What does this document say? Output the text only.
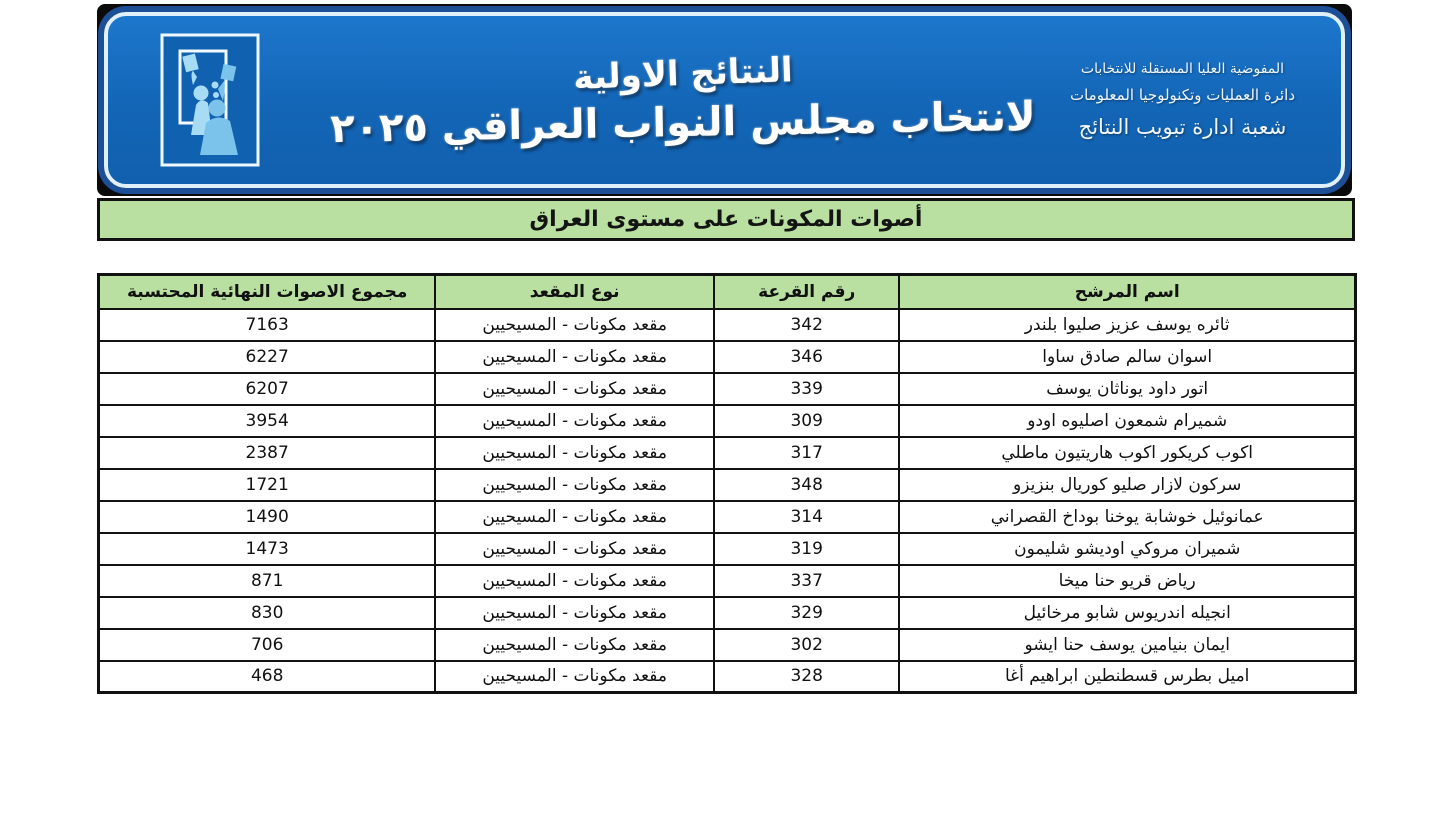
النتائج الاولية
لانتخاب مجلس النواب العراقي ٢٠٢٥
المفوضية العليا المستقلة للانتخابات
دائرة العمليات وتكنولوجيا المعلومات
شعبة ادارة تبويب النتائج
أصوات المكونات على مستوى العراق
اسم المرشح	رقم القرعة	نوع المقعد	مجموع الاصوات النهائية المحتسبة
ثائره يوسف عزيز صليوا بلندر	342	مقعد مكونات - المسيحيين	7163
اسوان سالم صادق ساوا	346	مقعد مكونات - المسيحيين	6227
اتور داود يوناثان يوسف	339	مقعد مكونات - المسيحيين	6207
شميرام شمعون اصليوه اودو	309	مقعد مكونات - المسيحيين	3954
اكوب كريكور اكوب هاريتيون ماطلي	317	مقعد مكونات - المسيحيين	2387
سركون لازار صليو كوريال بنزيزو	348	مقعد مكونات - المسيحيين	1721
عمانوئيل خوشابة يوخنا بوداخ القصراني	314	مقعد مكونات - المسيحيين	1490
شميران مروكي اوديشو شليمون	319	مقعد مكونات - المسيحيين	1473
رياض قريو حنا ميخا	337	مقعد مكونات - المسيحيين	871
انجيله اندريوس شابو مرخائيل	329	مقعد مكونات - المسيحيين	830
ايمان بنيامين يوسف حنا ايشو	302	مقعد مكونات - المسيحيين	706
اميل بطرس قسطنطين ابراهيم أغا	328	مقعد مكونات - المسيحيين	468
